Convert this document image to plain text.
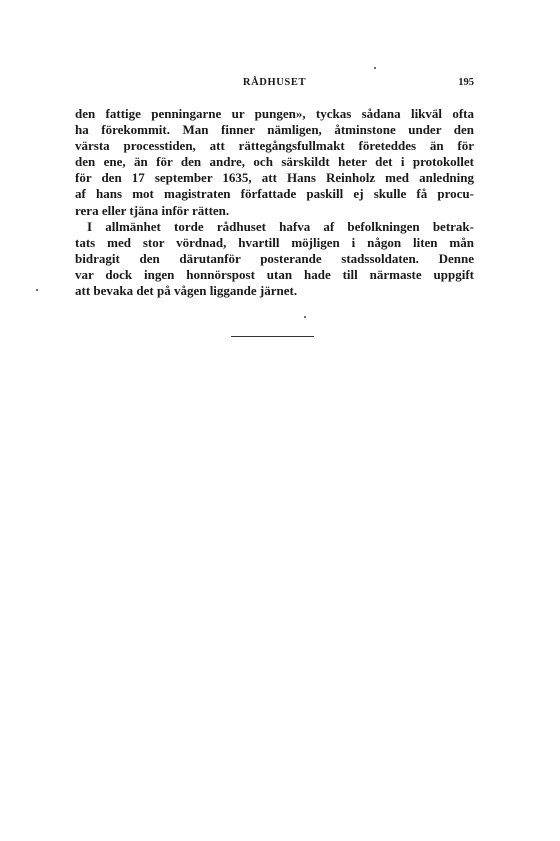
RÅDHUSET	195
den fattige penningarne ur pungen», tyckas sådana likväl ofta
ha förekommit. Man finner nämligen, åtminstone under den
värsta processtiden, att rättegångsfullmakt företeddes än för
den ene, än för den andre, och särskildt heter det i protokollet
för den 17 september 1635, att Hans Reinholz med anledning
af hans mot magistraten författade paskill ej skulle få procu-
rera eller tjäna inför rätten.
I allmänhet torde rådhuset hafva af befolkningen betrak-
tats med stor vördnad, hvartill möjligen i någon liten mån
bidragit den därutanför posterande stadssoldaten. Denne
var dock ingen honnörspost utan hade till närmaste uppgift
att bevaka det på vågen liggande järnet.
